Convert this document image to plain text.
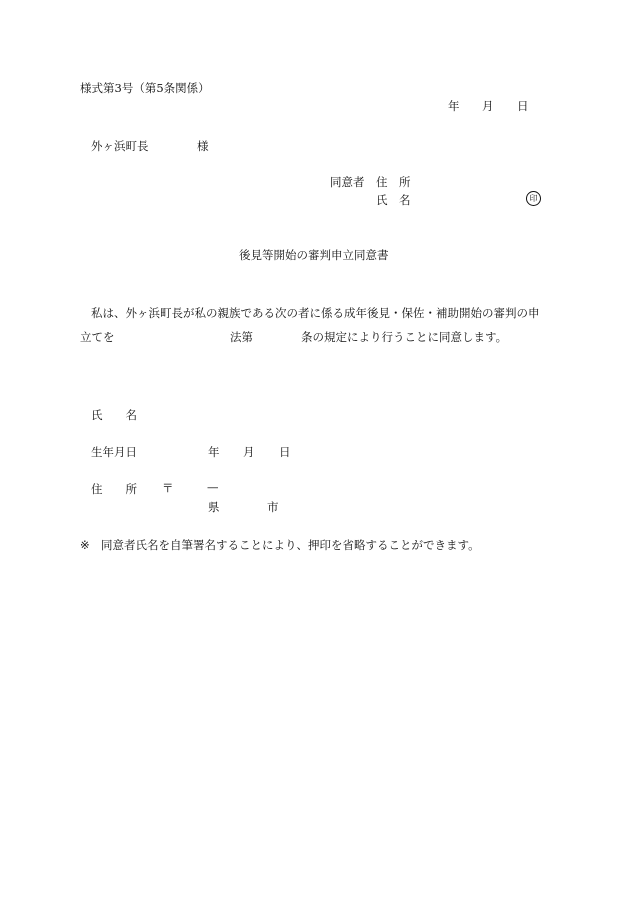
様式第3号（第5条関係）
年 月 日
外ヶ浜町長	様
同意者 住　所
氏　名	印
後見等開始の審判申立同意書
私は、外ヶ浜町長が私の親族である次の者に係る成年後見・保佐・補助開始の審判の申
立てを	法第	条の規定により行うことに同意します。
氏　　名
生年月日	年 月 日
住　　所 〒	—
県	市
※ 同意者氏名を自筆署名することにより、押印を省略することができます。
